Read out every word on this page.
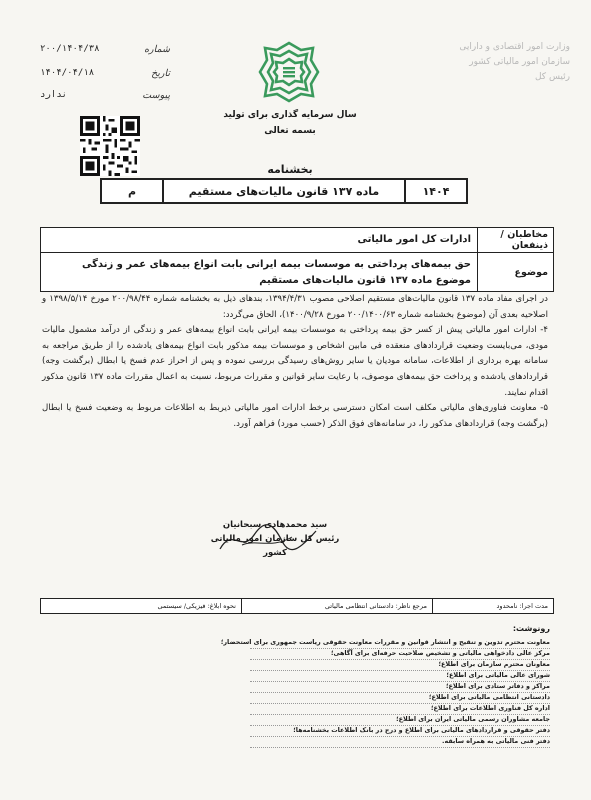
شماره
۲۰۰/۱۴۰۴/۳۸
تاریخ
۱۴۰۴/۰۴/۱۸
پیوست
ندارد
وزارت امور اقتصادی و دارایی
سازمان امور مالیاتی کشور
رئیس کل
سال سرمایه گذاری برای تولید
بسمه تعالی
بخشنامه
۱۴۰۴
ماده ۱۳۷ قانون مالیات‌های مستقیم
م
مخاطبان /ذینفعان
ادارات کل امور مالیاتی
موضوع
حق بیمه‌های پرداختی به موسسات بیمه ایرانی بابت انواع بیمه‌های عمر و زندگی موضوع ماده ۱۳۷ قانون مالیات‌های مستقیم

در اجرای مفاد ماده ۱۳۷ قانون مالیات‌های مستقیم اصلاحی مصوب ۱۳۹۴/۴/۳۱، بندهای ذیل به بخشنامه شماره ۲۰۰/۹۸/۴۴ مورخ ۱۳۹۸/۵/۱۴ و اصلاحیه بعدی آن (موضوع بخشنامه شماره ۲۰۰/۱۴۰۰/۶۳ مورخ ۱۴۰۰/۹/۲۸)، الحاق می‌گردد:

۴- ادارات امور مالیاتی پیش از کسر حق بیمه پرداختی به موسسات بیمه ایرانی بابت انواع بیمه‌های عمر و زندگی از درآمد مشمول مالیات مودی، می‌بایست وضعیت قراردادهای منعقده فی مابین اشخاص و موسسات بیمه مذکور بابت انواع بیمه‌های یادشده را از طریق مراجعه به سامانه بهره برداری از اطلاعات، سامانه مودیان یا سایر روش‌های رسیدگی بررسی نموده و پس از احراز عدم فسخ یا ابطال (برگشت وجه) قراردادهای یادشده و پرداخت حق بیمه‌های موصوف، با رعایت سایر قوانین و مقررات مربوط، نسبت به اعمال مقررات ماده ۱۳۷ قانون مذکور اقدام نمایند.

۵- معاونت فناوری‌های مالیاتی مکلف است امکان دسترسی برخط ادارات امور مالیاتی ذیربط به اطلاعات مربوط به وضعیت فسخ یا ابطال (برگشت وجه) قراردادهای مذکور را، در سامانه‌های فوق الذکر (حسب مورد) فراهم آورد.

سید محمدهادی سبحانیان
رئیس کل سازمان امور مالیاتی کشور
مدت اجرا: نامحدود
مرجع ناظر: دادستانی انتظامی مالیاتی
نحوه ابلاغ: فیزیکی/ سیستمی
رونوشت:
معاونت محترم تدوین و تنقیح و انتشار قوانین و مقررات معاونت حقوقی ریاست جمهوری برای استحضار؛
مرکز عالی دادخواهی مالیاتی و تشخیص صلاحیت حرفه‌ای برای آگاهی؛
معاونان محترم سازمان برای اطلاع؛
شورای عالی مالیاتی برای اطلاع؛
مراکز و دفاتر ستادی برای اطلاع؛
دادستانی انتظامی مالیاتی برای اطلاع؛
اداره کل فناوری اطلاعات برای اطلاع؛
جامعه مشاوران رسمی مالیاتی ایران برای اطلاع؛
دفتر حقوقی و قراردادهای مالیاتی برای اطلاع و درج در بانک اطلاعات بخشنامه‌ها؛
دفتر فنی مالیاتی به همراه سابقه.
